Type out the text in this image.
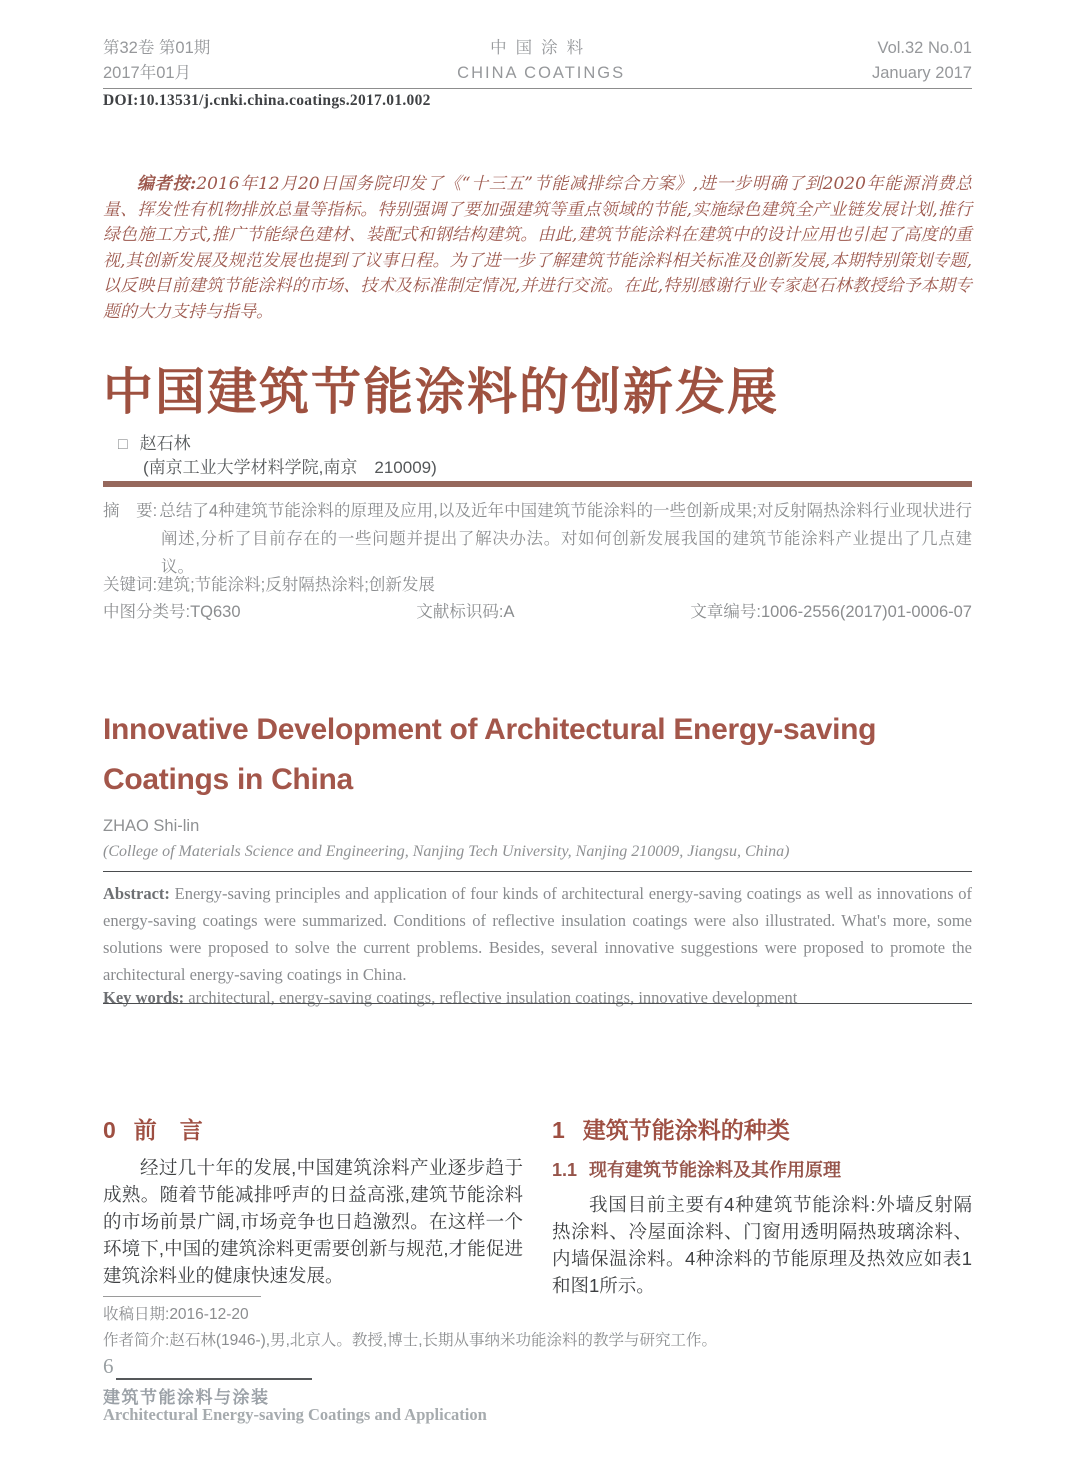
第32卷 第01期
2017年01月
中国涂料
CHINA COATINGS
Vol.32 No.01
January 2017
DOI:10.13531/j.cnki.china.coatings.2017.01.002

编者按:2016年12月20日国务院印发了《“十三五”节能减排综合方案》,进一步明确了到2020年能源消费总量、挥发性有机物排放总量等指标。特别强调了要加强建筑等重点领域的节能,实施绿色建筑全产业链发展计划,推行绿色施工方式,推广节能绿色建材、装配式和钢结构建筑。由此,建筑节能涂料在建筑中的设计应用也引起了高度的重视,其创新发展及规范发展也提到了议事日程。为了进一步了解建筑节能涂料相关标准及创新发展,本期特别策划专题,以反映目前建筑节能涂料的市场、技术及标准制定情况,并进行交流。在此,特别感谢行业专家赵石林教授给予本期专题的大力支持与指导。

中国建筑节能涂料的创新发展
□ 赵石林
(南京工业大学材料学院,南京　210009)

摘　要: 总结了4种建筑节能涂料的原理及应用,以及近年中国建筑节能涂料的一些创新成果;对反射隔热涂料行业现状进行阐述,分析了目前存在的一些问题并提出了解决办法。对如何创新发展我国的建筑节能涂料产业提出了几点建议。

关键词:建筑;节能涂料;反射隔热涂料;创新发展

中图分类号:TQ630	文献标识码:A	文章编号:1006-2556(2017)01-0006-07
Innovative Development of Architectural Energy-saving
Coatings in China
ZHAO Shi-lin
(College of Materials Science and Engineering, Nanjing Tech University, Nanjing 210009, Jiangsu, China)

Abstract: Energy-saving principles and application of four kinds of architectural energy-saving coatings as well as innovations of energy-saving coatings were summarized. Conditions of reflective insulation coatings were also illustrated. What's more, some solutions were proposed to solve the current problems. Besides, several innovative suggestions were proposed to promote the architectural energy-saving coatings in China.

Key words: architectural, energy-saving coatings, reflective insulation coatings, innovative development

0 前　言

经过几十年的发展,中国建筑涂料产业逐步趋于成熟。随着节能减排呼声的日益高涨,建筑节能涂料的市场前景广阔,市场竞争也日趋激烈。在这样一个环境下,中国的建筑涂料更需要创新与规范,才能促进建筑涂料业的健康快速发展。

1 建筑节能涂料的种类
1.1 现有建筑节能涂料及其作用原理

我国目前主要有4种建筑节能涂料:外墙反射隔热涂料、冷屋面涂料、门窗用透明隔热玻璃涂料、内墙保温涂料。4种涂料的节能原理及热效应如表1和图1所示。

收稿日期:2016-12-20
作者简介:赵石林(1946-),男,北京人。教授,博士,长期从事纳米功能涂料的教学与研究工作。
6
建筑节能涂料与涂装
Architectural Energy-saving Coatings and Application
